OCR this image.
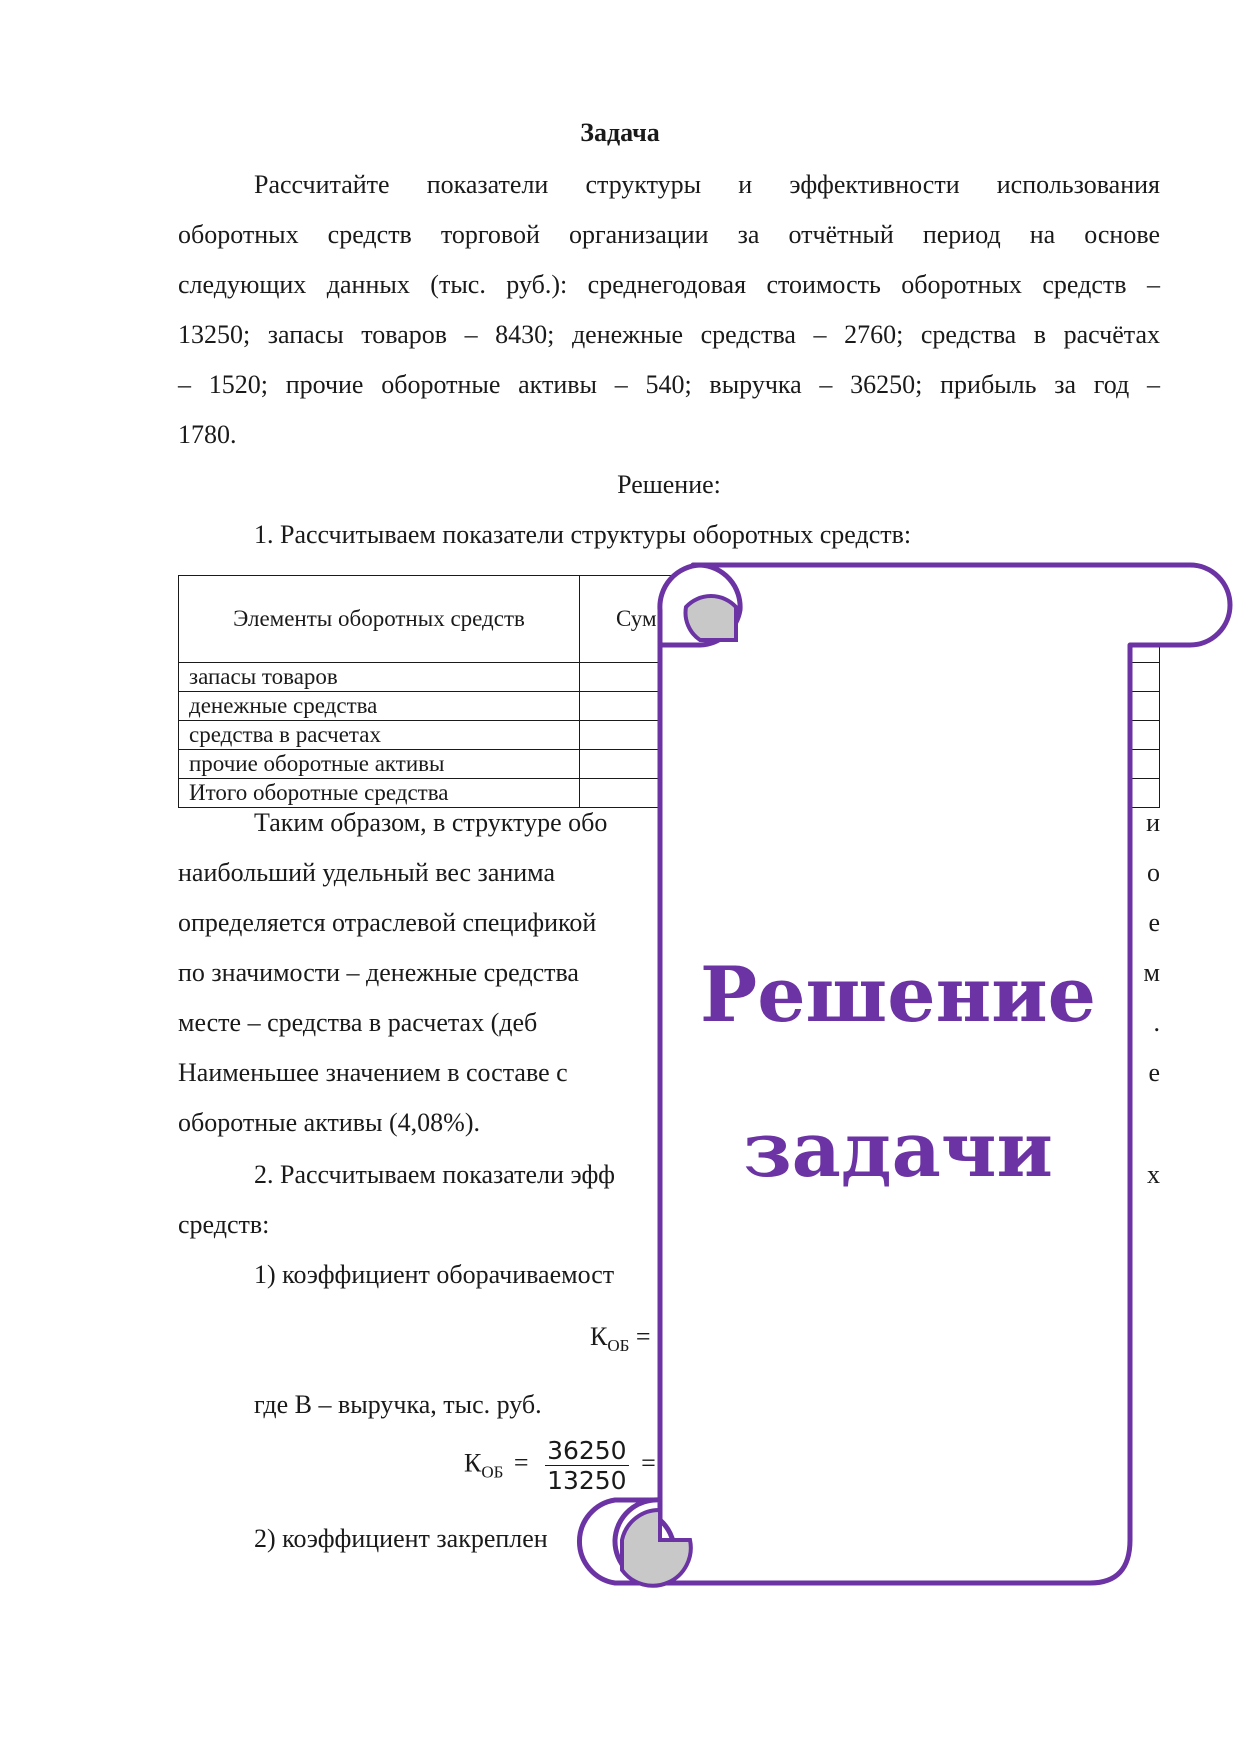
Задача
Рассчитайте показатели структуры и эффективности использования
оборотных средств торговой организации за отчётный период на основе
следующих данных (тыс. руб.): среднегодовая стоимость оборотных средств –
13250; запасы товаров – 8430; денежные средства – 2760; средства в расчётах
– 1520; прочие оборотные активы – 540; выручка – 36250; прибыль за год –
1780.
Решение:
1. Рассчитываем показатели структуры оборотных средств:
Элементы оборотных средств	Сум
запасы товаров	
денежные средства	
средства в расчетах	
прочие оборотные активы	
Итого оборотные средства	
Таким образом, в структуре обо
наибольший удельный вес занима
определяется отраслевой спецификой
по значимости – денежные средства
месте – средства в расчетах (деб
Наименьшее значением в составе с
оборотные активы (4,08%).
2. Рассчитываем показатели эфф
средств:
1) коэффициент оборачиваемост
$К_{ОБ}$ =
где В – выручка, тыс. руб.
$К_{ОБ} = \frac{36250}{13250}$ =
2) коэффициент закреплен
и
о
е
м
.
е
х
Решение
задачи
